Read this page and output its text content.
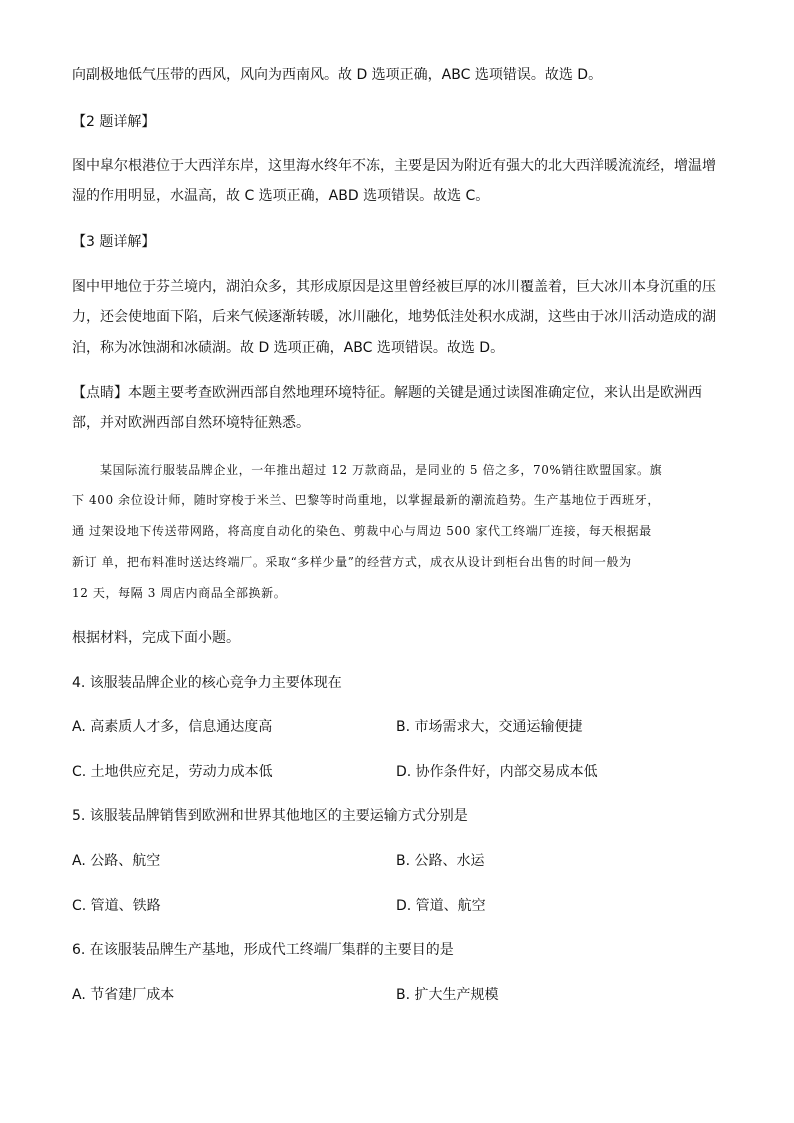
向副极地低气压带的西风，风向为西南风。故 D 选项正确，ABC 选项错误。故选 D。
【2 题详解】
图中皐尔根港位于大西洋东岸，这里海水终年不冻，主要是因为附近有强大的北大西洋暖流流经，增温增
湿的作用明显，水温高，故 C 选项正确，ABD 选项错误。故选 C。
【3 题详解】
图中甲地位于芬兰境内，湖泊众多，其形成原因是这里曾经被巨厚的冰川覆盖着，巨大冰川本身沉重的压
力，还会使地面下陷，后来气候逐渐转暖，冰川融化，地势低洼处积水成湖，这些由于冰川活动造成的湖
泊，称为冰蚀湖和冰碛湖。故 D 选项正确，ABC 选项错误。故选 D。
【点睛】本题主要考查欧洲西部自然地理环境特征。解题的关键是通过读图准确定位，来认出是欧洲西
部，并对欧洲西部自然环境特征熟悉。
某国际流行服装品牌企业，一年推出超过 12 万款商品，是同业的 5 倍之多，70%销往欧盟国家。旗
下 400 余位设计师，随时穿梭于米兰、巴黎等时尚重地，以掌握最新的潮流趋势。生产基地位于西班牙，
通 过架设地下传送带网路，将高度自动化的染色、剪裁中心与周边 500 家代工终端厂连接，每天根据最
新订 单，把布料准时送达终端厂。采取“多样少量”的经营方式，成衣从设计到柜台出售的时间一般为
12 天，每隔 3 周店内商品全部换新。
根据材料，完成下面小题。
4. 该服装品牌企业的核心竞争力主要体现在
A. 高素质人才多，信息通达度高	B. 市场需求大，交通运输便捷
C. 土地供应充足，劳动力成本低	D. 协作条件好，内部交易成本低
5. 该服装品牌销售到欧洲和世界其他地区的主要运输方式分别是
A. 公路、航空	B. 公路、水运
C. 管道、铁路	D. 管道、航空
6. 在该服装品牌生产基地，形成代工终端厂集群的主要目的是
A. 节省建厂成本	B. 扩大生产规模
